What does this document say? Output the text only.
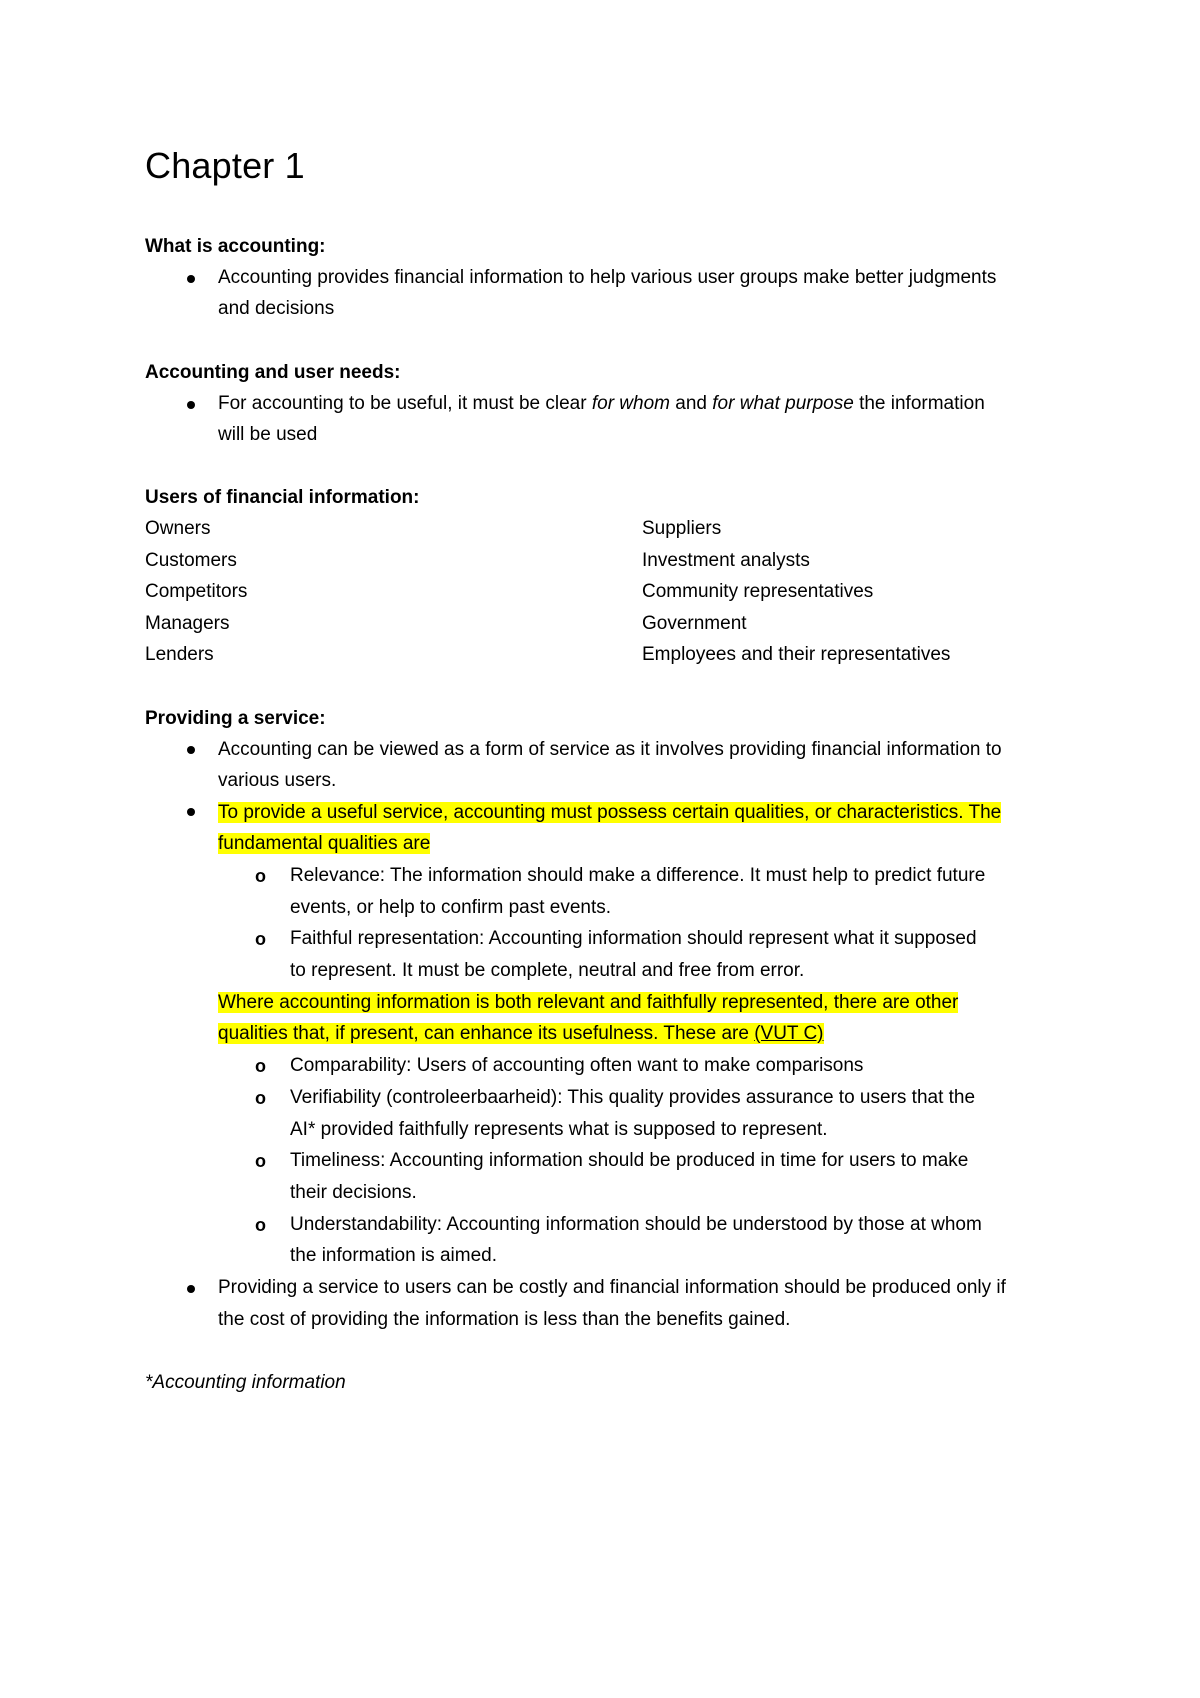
Chapter 1
What is accounting:
Accounting provides financial information to help various user groups make better judgments
and decisions
Accounting and user needs:
For accounting to be useful, it must be clear for whom and for what purpose the information
will be used
Users of financial information:
Owners
Customers
Competitors
Managers
Lenders
Suppliers
Investment analysts
Community representatives
Government
Employees and their representatives
Providing a service:
Accounting can be viewed as a form of service as it involves providing financial information to
various users.
To provide a useful service, accounting must possess certain qualities, or characteristics. The
fundamental qualities are
o Relevance: The information should make a difference. It must help to predict future
events, or help to confirm past events.
o Faithful representation: Accounting information should represent what it supposed
to represent. It must be complete, neutral and free from error.
Where accounting information is both relevant and faithfully represented, there are other
qualities that, if present, can enhance its usefulness. These are (VUT C)
o Comparability: Users of accounting often want to make comparisons
o Verifiability (controleerbaarheid): This quality provides assurance to users that the
AI* provided faithfully represents what is supposed to represent.
o Timeliness: Accounting information should be produced in time for users to make
their decisions.
o Understandability: Accounting information should be understood by those at whom
the information is aimed.
Providing a service to users can be costly and financial information should be produced only if
the cost of providing the information is less than the benefits gained.
*Accounting information
